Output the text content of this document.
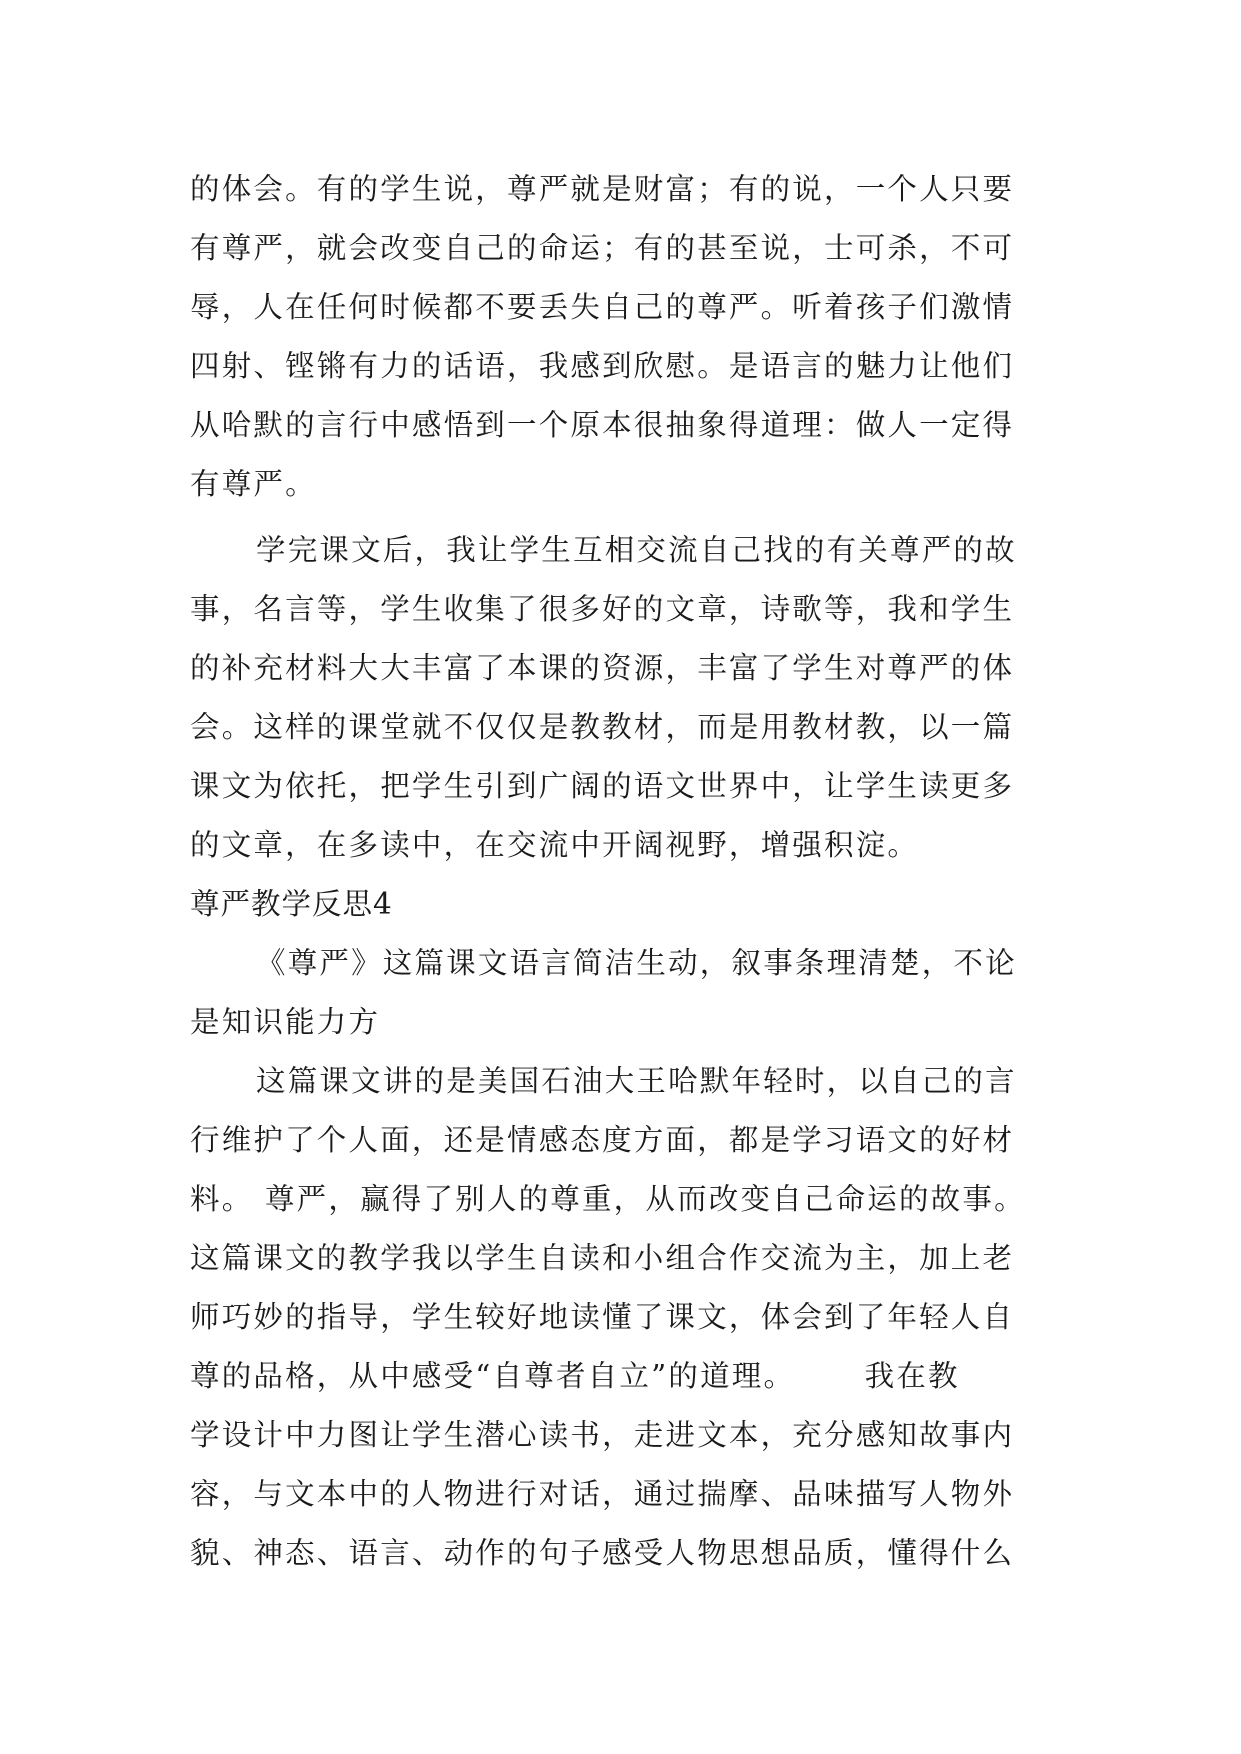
的体会。有的学生说，尊严就是财富；有的说，一个人只要
有尊严，就会改变自己的命运；有的甚至说，士可杀，不可
辱，人在任何时候都不要丢失自己的尊严。听着孩子们激情
四射、铿锵有力的话语，我感到欣慰。是语言的魅力让他们
从哈默的言行中感悟到一个原本很抽象得道理：做人一定得
有尊严。
学完课文后，我让学生互相交流自己找的有关尊严的故
事，名言等，学生收集了很多好的文章，诗歌等，我和学生
的补充材料大大丰富了本课的资源，丰富了学生对尊严的体
会。这样的课堂就不仅仅是教教材，而是用教材教，以一篇
课文为依托，把学生引到广阔的语文世界中，让学生读更多
的文章，在多读中，在交流中开阔视野，增强积淀。
尊严教学反思4
《尊严》这篇课文语言简洁生动，叙事条理清楚，不论
是知识能力方
这篇课文讲的是美国石油大王哈默年轻时，以自己的言
行维护了个人面，还是情感态度方面，都是学习语文的好材
料。 尊严，赢得了别人的尊重，从而改变自己命运的故事。
这篇课文的教学我以学生自读和小组合作交流为主，加上老
师巧妙的指导，学生较好地读懂了课文，体会到了年轻人自
尊的品格，从中感受“自尊者自立”的道理。      我在教
学设计中力图让学生潜心读书，走进文本，充分感知故事内
容，与文本中的人物进行对话，通过揣摩、品味描写人物外
貌、神态、语言、动作的句子感受人物思想品质，懂得什么
